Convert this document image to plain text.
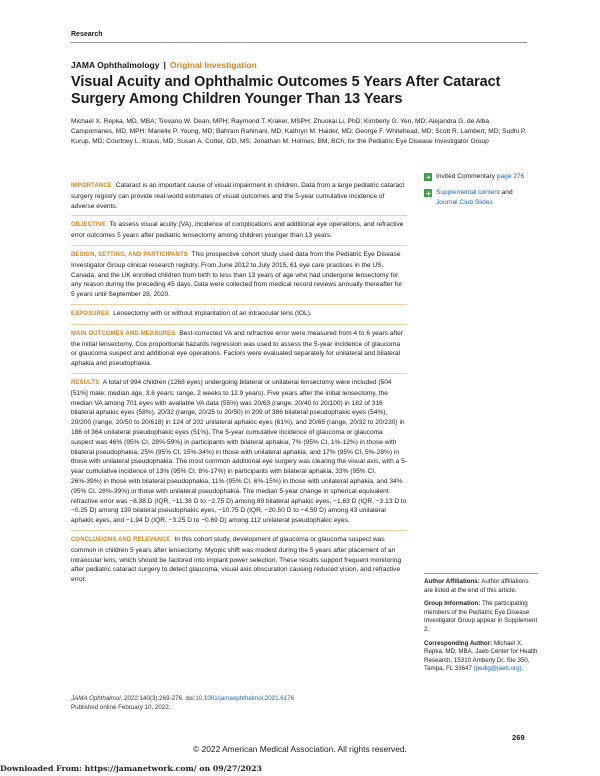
Research
JAMA Ophthalmology | Original Investigation
Visual Acuity and Ophthalmic Outcomes 5 Years After Cataract Surgery Among Children Younger Than 13 Years
Michael X. Repka, MD, MBA; Trevano W. Dean, MPH; Raymond T. Kraker, MSPH; Zhuokai Li, PhD; Kimberly G. Yen, MD; Alejandra G. de Alba Campomanes, MD, MPH; Marielle P. Young, MD; Bahram Rahmani, MD; Kathryn M. Haider, MD; George F. Whitehead, MD; Scott R. Lambert, MD; Sudhi P. Kurup, MD; Courtney L. Kraus, MD; Susan A. Cotter, OD, MS; Jonathan M. Holmes, BM, BCh; for the Pediatric Eye Disease Investigator Group
Invited Commentary page 276
Supplemental content and
Journal Club Slides
IMPORTANCE Cataract is an important cause of visual impairment in children. Data from a large pediatric cataract surgery registry can provide real-world estimates of visual outcomes and the 5-year cumulative incidence of adverse events.
OBJECTIVE To assess visual acuity (VA), incidence of complications and additional eye operations, and refractive error outcomes 5 years after pediatric lensectomy among children younger than 13 years.
DESIGN, SETTING, AND PARTICIPANTS This prospective cohort study used data from the Pediatric Eye Disease Investigator Group clinical research registry. From June 2012 to July 2015, 61 eye care practices in the US, Canada, and the UK enrolled children from birth to less than 13 years of age who had undergone lensectomy for any reason during the preceding 45 days. Data were collected from medical record reviews annually thereafter for 5 years until September 28, 2020.
EXPOSURES Lensectomy with or without implantation of an intraocular lens (IOL).
MAIN OUTCOMES AND MEASURES Best-corrected VA and refractive error were measured from 4 to 6 years after the initial lensectomy. Cox proportional hazards regression was used to assess the 5-year incidence of glaucoma or glaucoma suspect and additional eye operations. Factors were evaluated separately for unilateral and bilateral aphakia and pseudophakia.
RESULTS A total of 994 children (1268 eyes) undergoing bilateral or unilateral lensectomy were included (504 [51%] male; median age, 3.6 years; range, 2 weeks to 12.9 years). Five years after the initial lensectomy, the median VA among 701 eyes with available VA data (55%) was 20/63 (range, 20/40 to 20/100) in 182 of 316 bilateral aphakic eyes (58%), 20/32 (range, 20/25 to 20/50) in 209 of 386 bilateral pseudophakic eyes (54%), 20/200 (range, 20/50 to 20/618) in 124 of 202 unilateral aphakic eyes (61%), and 20/65 (range, 20/32 to 20/230) in 186 of 364 unilateral pseudophakic eyes (51%). The 5-year cumulative incidence of glaucoma or glaucoma suspect was 46% (95% CI, 28%-59%) in participants with bilateral aphakia, 7% (95% CI, 1%-12%) in those with bilateral pseudophakia, 25% (95% CI, 15%-34%) in those with unilateral aphakia, and 17% (95% CI, 5%-28%) in those with unilateral pseudophakia. The most common additional eye surgery was clearing the visual axis, with a 5-year cumulative incidence of 13% (95% CI, 8%-17%) in participants with bilateral aphakia, 33% (95% CI, 26%-39%) in those with bilateral pseudophakia, 11% (95% CI, 6%-15%) in those with unilateral aphakia, and 34% (95% CI, 28%-39%) in those with unilateral pseudophakia. The median 5-year change in spherical equivalent refractive error was −8.38 D (IQR, −11.38 D to −2.75 D) among 89 bilateral aphakic eyes, −1.63 D (IQR, −3.13 D to −0.25 D) among 130 bilateral pseudophakic eyes, −10.75 D (IQR, −20.50 D to −4.50 D) among 43 unilateral aphakic eyes, and −1.94 D (IQR, −3.25 D to −0.69 D) among 112 unilateral pseudophakic eyes.
CONCLUSIONS AND RELEVANCE In this cohort study, development of glaucoma or glaucoma suspect was common in children 5 years after lensectomy. Myopic shift was modest during the 5 years after placement of an intraocular lens, which should be factored into implant power selection. These results support frequent monitoring after pediatric cataract surgery to detect glaucoma, visual axis obscuration causing reduced vision, and refractive error.
JAMA Ophthalmol. 2022;140(3):269-276. doi:10.1001/jamaophthalmol.2021.6176
Published online February 10, 2022.
Author Affiliations: Author affiliations are listed at the end of this article.
Group Information: The participating members of the Pediatric Eye Disease Investigator Group appear in Supplement 2.
Corresponding Author: Michael X. Repka, MD, MBA, Jaeb Center for Health Research, 15310 Amberly Dr, Ste 350, Tampa, FL 33647 (pedig@jaeb.org).
269
© 2022 American Medical Association. All rights reserved.
Downloaded From: https://jamanetwork.com/ on 09/27/2023
